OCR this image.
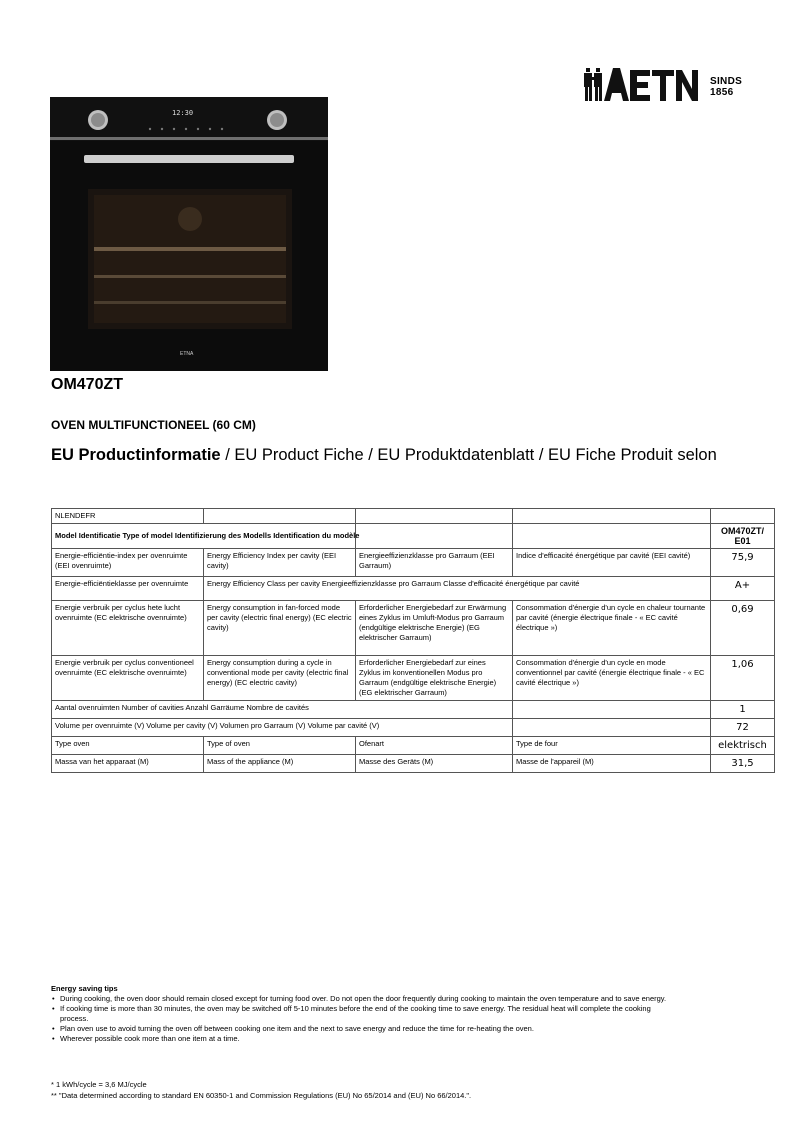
®
SINDS
1856
12:30
ETNA
OM470ZT
OVEN MULTIFUNCTIONEEL (60 CM)
EU Productinformatie / EU Product Fiche / EU Produktdatenblatt / EU Fiche Produit selon
NLENDEFR				
Model Identificatie Type of model Identifizierung des Modells Identification du modèle				OM470ZT/ E01
Energie-efficiëntie-index per ovenruimte (EEI ovenruimte)	Energy Efficiency Index per cavity (EEI cavity)	Energieeffizienzklasse pro Garraum (EEI Garraum)	Indice d'efficacité énergétique par cavité (EEI cavité)	75,9
Energie-efficiëntieklasse per ovenruimte	Energy Efficiency Class per cavity Energieeffizienzklasse pro Garraum Classe d'efficacité énergétique par cavité			A+
Energie verbruik per cyclus hete lucht ovenruimte (EC elektrische ovenruimte)	Energy consumption in fan-forced mode per cavity (electric final energy) (EC electric cavity)	Erforderlicher Energiebedarf zur Erwärmung eines Zyklus im Umluft-Modus pro Garraum (endgültige elektrische Energie) (EG elektrischer Garraum)	Consommation d'énergie d'un cycle en chaleur tournante par cavité (énergie électrique finale - « EC cavité électrique »)	0,69
Energie verbruik per cyclus conventioneel ovenruimte (EC elektrische ovenruimte)	Energy consumption during a cycle in conventional mode per cavity (electric final energy) (EC electric cavity)	Erforderlicher Energiebedarf zur eines Zyklus im konventionellen Modus pro Garraum (endgültige elektrische Energie) (EG elektrischer Garraum)	Consommation d'énergie d'un cycle en mode conventionnel par cavité (énergie électrique finale - « EC cavité électrique »)	1,06
Aantal ovenruimten Number of cavities Anzahl Garräume Nombre de cavités				1
Volume per ovenruimte (V) Volume per cavity (V) Volumen pro Garraum (V) Volume par cavité (V)				72
Type oven	Type of oven	Ofenart	Type de four	elektrisch
Massa van het apparaat (M)	Mass of the appliance (M)	Masse des Geräts (M)	Masse de l'appareil (M)	31,5
Energy saving tips
• During cooking, the oven door should remain closed except for turning food over. Do not open the door frequently during cooking to maintain the oven temperature and to save energy.
• If cooking time is more than 30 minutes, the oven may be switched off 5-10 minutes before the end of the cooking time to save energy. The residual heat will complete the cooking process.
• Plan oven use to avoid turning the oven off between cooking one item and the next to save energy and reduce the time for re-heating the oven.
• Wherever possible cook more than one item at a time.
* 1 kWh/cycle = 3,6 MJ/cycle
** "Data determined according to standard EN 60350-1 and Commission Regulations (EU) No 65/2014 and (EU) No 66/2014.".
